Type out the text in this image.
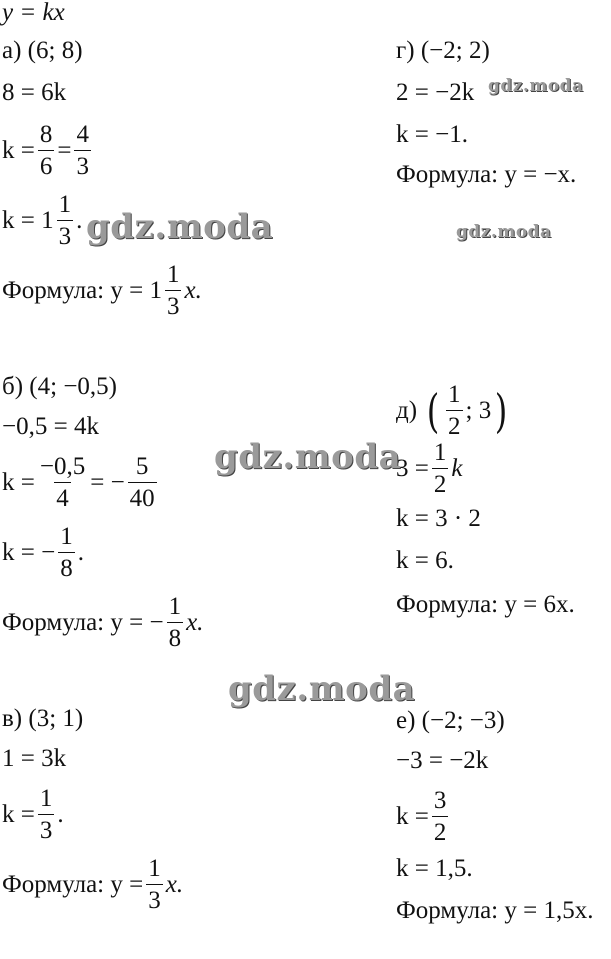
y = kx
а) (6; 8)
8 = 6k
$k = \frac{8}{6} = \frac{4}{3}$
$k = 1 \frac{1}{3}$ .
Формула: $y = 1 \frac{1}{3} x$.
г) (−2; 2)
2 = −2k
k = −1.
Формула: y = −x.
б) (4; −0,5)
−0,5 = 4k
$k = \frac{-0,5}{4}$ = − $\frac{5}{40}$
k = − $\frac{1}{8}$ .
Формула: y = − $\frac{1}{8} x$.
д) ( $\frac{1}{2}$ ; 3 )
$3 = \frac{1}{2}$ k
k = 3 · 2
k = 6.
Формула: y = 6x.
в) (3; 1)
1 = 3k
$k = \frac{1}{3}$ .
Формула: $y = \frac{1}{3} x$.
е) (−2; −3)
−3 = −2k
$k = \frac{3}{2}$
k = 1,5.
Формула: y = 1,5x.
gdz.moda
gdz.moda
gdz.moda
gdz.moda
gdz.moda
